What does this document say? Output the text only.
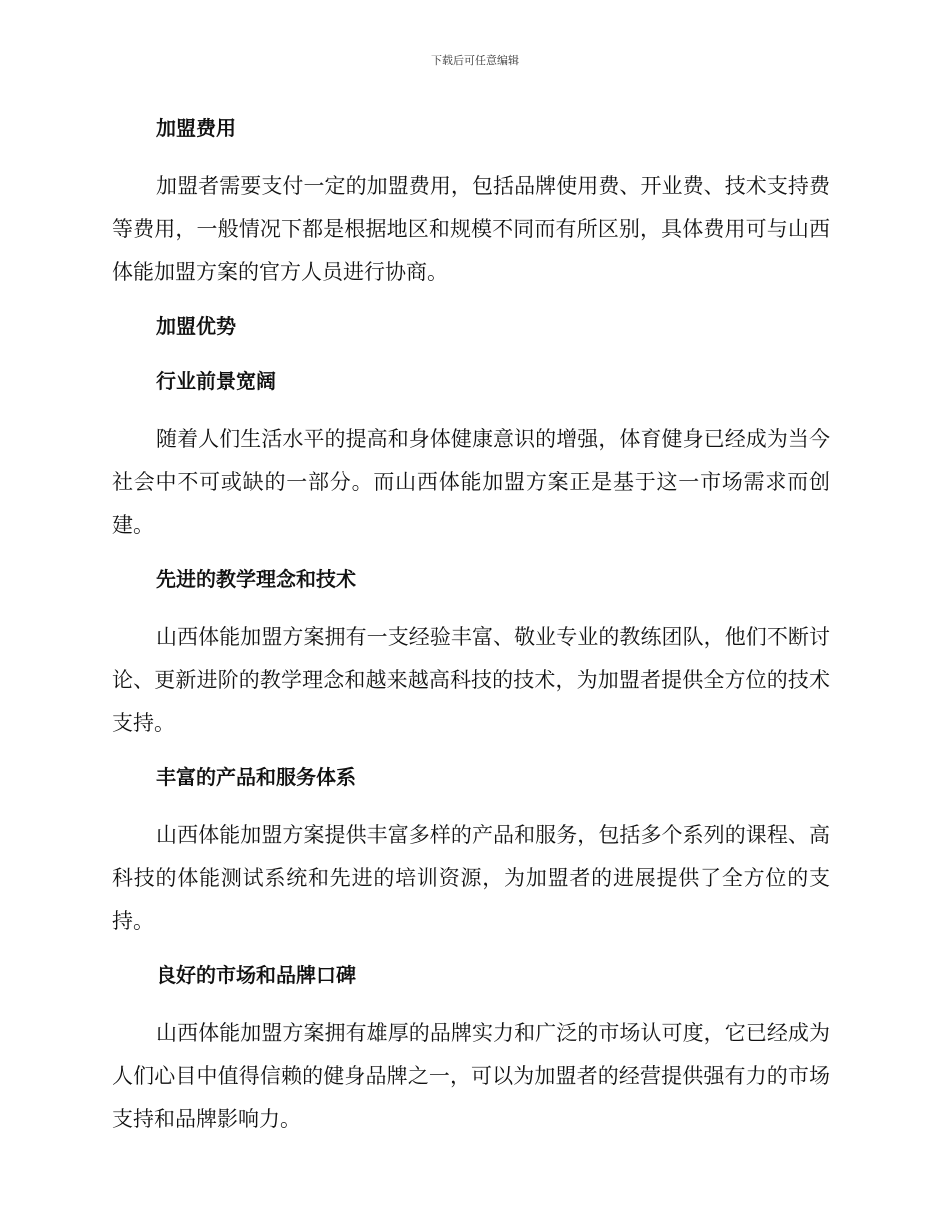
下载后可任意编辑
加盟费用

加盟者需要支付一定的加盟费用，包括品牌使用费、开业费、技术支持费等费用，一般情况下都是根据地区和规模不同而有所区别，具体费用可与山西体能加盟方案的官方人员进行协商。

加盟优势
行业前景宽阔

随着人们生活水平的提高和身体健康意识的增强，体育健身已经成为当今社会中不可或缺的一部分。而山西体能加盟方案正是基于这一市场需求而创建。

先进的教学理念和技术

山西体能加盟方案拥有一支经验丰富、敬业专业的教练团队，他们不断讨论、更新进阶的教学理念和越来越高科技的技术，为加盟者提供全方位的技术支持。

丰富的产品和服务体系

山西体能加盟方案提供丰富多样的产品和服务，包括多个系列的课程、高科技的体能测试系统和先进的培训资源，为加盟者的进展提供了全方位的支持。

良好的市场和品牌口碑

山西体能加盟方案拥有雄厚的品牌实力和广泛的市场认可度，它已经成为人们心目中值得信赖的健身品牌之一，可以为加盟者的经营提供强有力的市场支持和品牌影响力。
